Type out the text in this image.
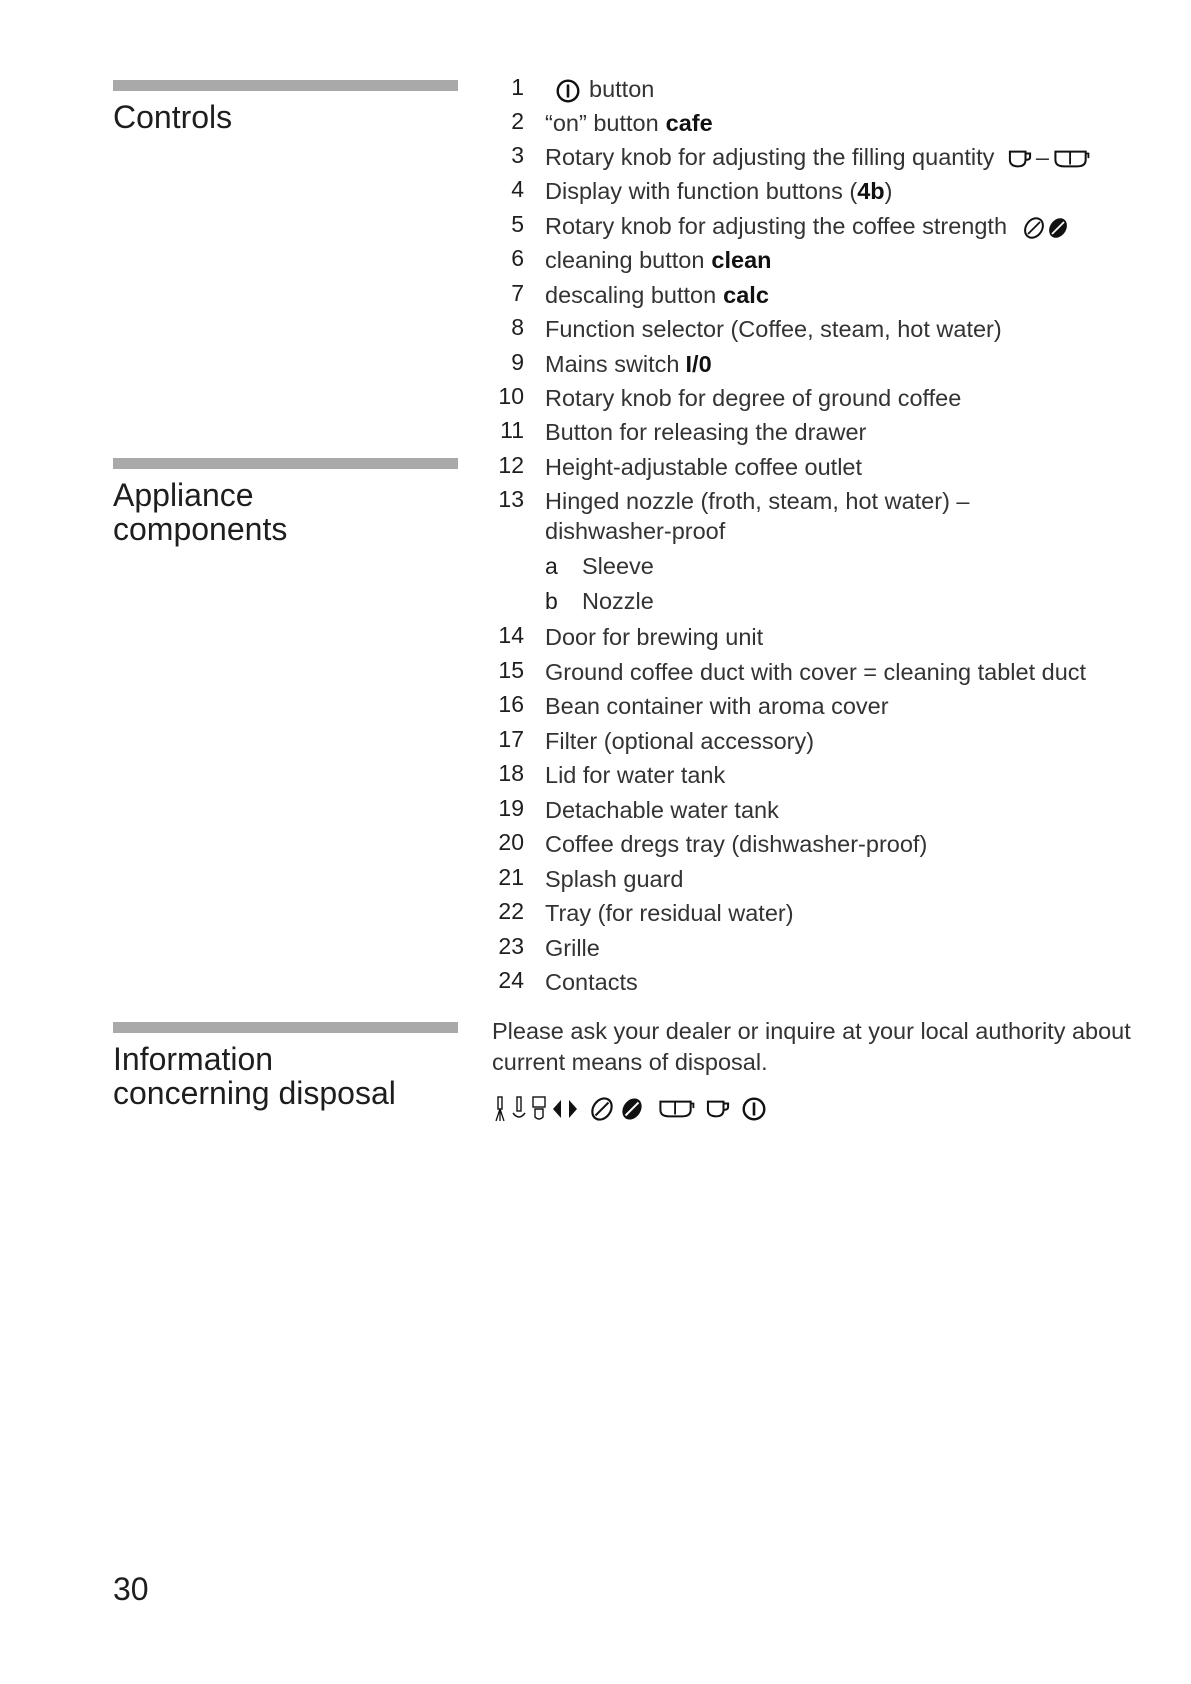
Controls
Appliance
components
Information
concerning disposal
1	button
2 “on” button cafe
3 Rotary knob for adjusting the filling quantity –
4 Display with function buttons (4b)
5 Rotary knob for adjusting the coffee strength
6 cleaning button clean
7 descaling button calc
8 Function selector (Coffee, steam, hot water)
9 Mains switch I/0
10 Rotary knob for degree of ground coffee
11 Button for releasing the drawer
12 Height-adjustable coffee outlet
13 Hinged nozzle (froth, steam, hot water) –
dishwasher-proof
a Sleeve
b Nozzle
14 Door for brewing unit
15 Ground coffee duct with cover = cleaning tablet duct
16 Bean container with aroma cover
17 Filter (optional accessory)
18 Lid for water tank
19 Detachable water tank
20 Coffee dregs tray (dishwasher-proof)
21 Splash guard
22 Tray (for residual water)
23 Grille
24 Contacts

Please ask your dealer or inquire at your local authority about current means of disposal.

30
